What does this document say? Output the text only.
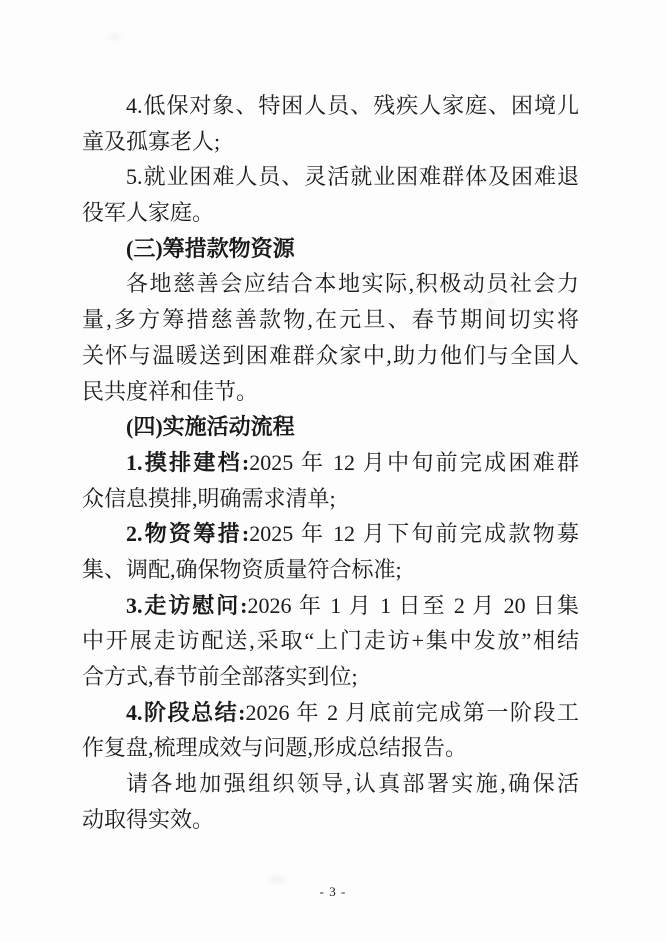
4.低保对象、特困人员、残疾人家庭、困境儿
童及孤寡老人;
5.就业困难人员、灵活就业困难群体及困难退
役军人家庭。
(三)筹措款物资源
各地慈善会应结合本地实际,积极动员社会力
量,多方筹措慈善款物,在元旦、春节期间切实将
关怀与温暖送到困难群众家中,助力他们与全国人
民共度祥和佳节。
(四)实施活动流程
1.摸排建档:2025 年 12 月中旬前完成困难群
众信息摸排,明确需求清单;
2.物资筹措:2025 年 12 月下旬前完成款物募
集、调配,确保物资质量符合标准;
3.走访慰问:2026 年 1 月 1 日至 2 月 20 日集
中开展走访配送,采取“上门走访+集中发放”相结
合方式,春节前全部落实到位;
4.阶段总结:2026 年 2 月底前完成第一阶段工
作复盘,梳理成效与问题,形成总结报告。
请各地加强组织领导,认真部署实施,确保活
动取得实效。
- 3 -
